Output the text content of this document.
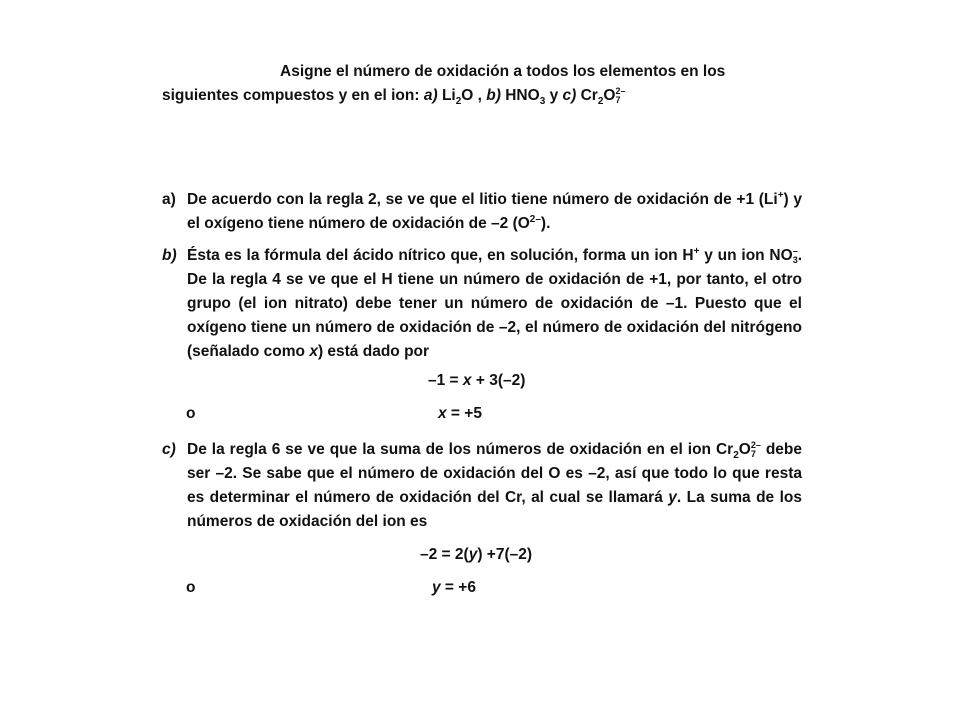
Asigne el número de oxidación a todos los elementos en los siguientes compuestos y en el ion: a) $Li_2O$ , b) $HNO_3$ y c) $Cr_2O$ 2–
7
a) De acuerdo con la regla 2, se ve que el litio tiene número de oxidación de +1 (Li+) y el oxígeno tiene número de oxidación de –2 $(O^{2-})$.
b) Ésta es la fórmula del ácido nítrico que, en solución, forma un ion H+ y un ion NO –
3 . De la regla 4 se ve que el H tiene un número de oxidación de +1, por tanto, el otro grupo (el ion nitrato) debe tener un número de oxidación de –1. Puesto que el oxígeno tiene un número de oxidación de –2, el número de oxidación del nitrógeno (señalado como x) está dado por
–1 = x + 3(–2)
o	x = +5
c) De la regla 6 se ve que la suma de los números de oxidación en el ion $Cr_2O$ 2–
7 debe ser –2. Se sabe que el número de oxidación del O es –2, así que todo lo que resta es determinar el número de oxidación del Cr, al cual se llamará y. La suma de los números de oxidación del ion es
–2 = 2(y) +7(–2)
o	y = +6
